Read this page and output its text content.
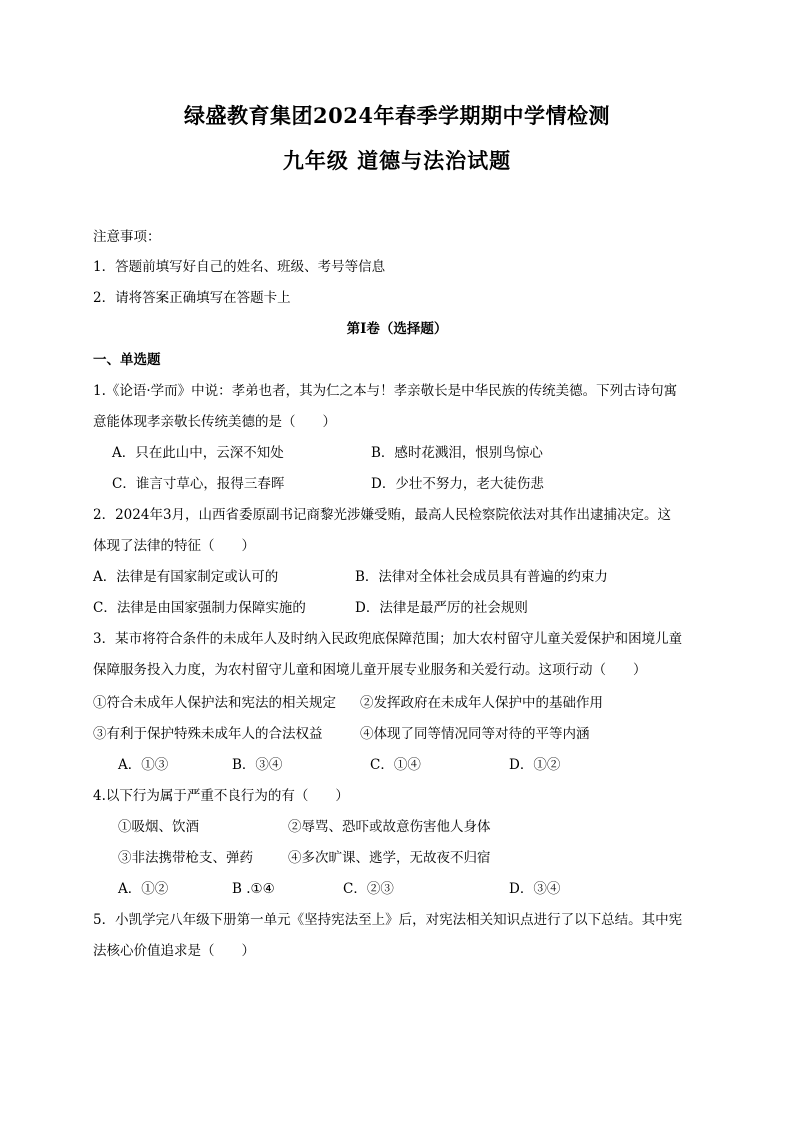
绿盛教育集团2024年春季学期期中学情检测
九年级 道德与法治试题
注意事项：
1．答题前填写好自己的姓名、班级、考号等信息
2．请将答案正确填写在答题卡上
第I卷（选择题）
一、单选题
1.《论语·学而》中说：孝弟也者，其为仁之本与！孝亲敬长是中华民族的传统美德。下列古诗句寓
意能体现孝亲敬长传统美德的是（　　）
A．只在此山中，云深不知处	B．感时花溅泪，恨别鸟惊心
C．谁言寸草心，报得三春晖	D．少壮不努力，老大徒伤悲
2．2024年3月，山西省委原副书记商黎光涉嫌受贿，最高人民检察院依法对其作出逮捕决定。这
体现了法律的特征（　　）
A．法律是有国家制定或认可的	B．法律对全体社会成员具有普遍的约束力
C．法律是由国家强制力保障实施的	D．法律是最严厉的社会规则
3．某市将符合条件的未成年人及时纳入民政兜底保障范围；加大农村留守儿童关爱保护和困境儿童
保障服务投入力度，为农村留守儿童和困境儿童开展专业服务和关爱行动。这项行动（　　）
①符合未成年人保护法和宪法的相关规定 ②发挥政府在未成年人保护中的基础作用
③有利于保护特殊未成年人的合法权益	④体现了同等情况同等对待的平等内涵
A．①③	B．③④	C．①④	D．①②
4.以下行为属于严重不良行为的有（　　）
①吸烟、饮酒	②辱骂、恐吓或故意伤害他人身体
③非法携带枪支、弹药	④多次旷课、逃学，无故夜不归宿
A．①②	B .①④	C．②③	D．③④
5．小凯学完八年级下册第一单元《坚持宪法至上》后，对宪法相关知识点进行了以下总结。其中宪
法核心价值追求是（　　）
